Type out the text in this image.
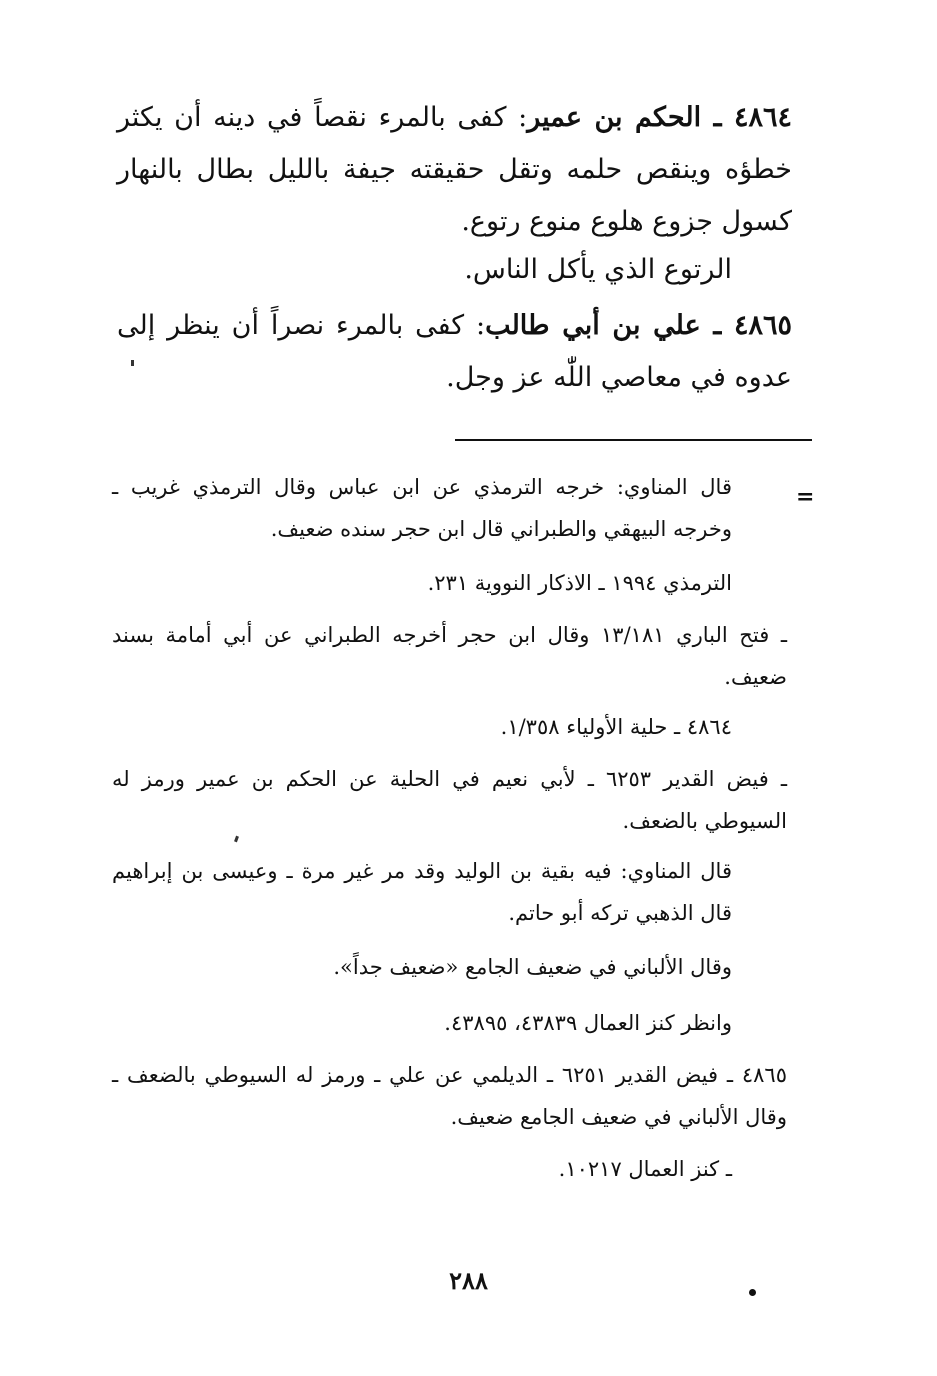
٤٨٦٤ ـ الحكم بن عمير: كفى بالمرء نقصاً في دينه أن يكثر خطؤه وينقص حلمه وتقل حقيقته جيفة بالليل بطال بالنهار كسول جزوع هلوع منوع رتوع.

الرتوع الذي يأكل الناس.

٤٨٦٥ ـ علي بن أبي طالب: كفى بالمرء نصراً أن ينظر إلى عدوه في معاصي اللّٰه عز وجل.

=

قال المناوي: خرجه الترمذي عن ابن عباس وقال الترمذي غريب ـ وخرجه البيهقي والطبراني قال ابن حجر سنده ضعيف.

الترمذي ١٩٩٤ ـ الاذكار النووية ٢٣١.

ـ فتح الباري ١٣/١٨١ وقال ابن حجر أخرجه الطبراني عن أبي أمامة بسند ضعيف.

٤٨٦٤ ـ حلية الأولياء ١/٣٥٨.

ـ فيض القدير ٦٢٥٣ ـ لأبي نعيم في الحلية عن الحكم بن عمير ورمز له السيوطي بالضعف.

قال المناوي: فيه بقية بن الوليد وقد مر غير مرة ـ وعيسى بن إبراهيم قال الذهبي تركه أبو حاتم.

وقال الألباني في ضعيف الجامع «ضعيف جداً».

وانظر كنز العمال ٤٣٨٣٩، ٤٣٨٩٥.

٤٨٦٥ ـ فيض القدير ٦٢٥١ ـ الديلمي عن علي ـ ورمز له السيوطي بالضعف ـ وقال الألباني في ضعيف الجامع ضعيف.

ـ كنز العمال ١٠٢١٧.

٢٨٨
